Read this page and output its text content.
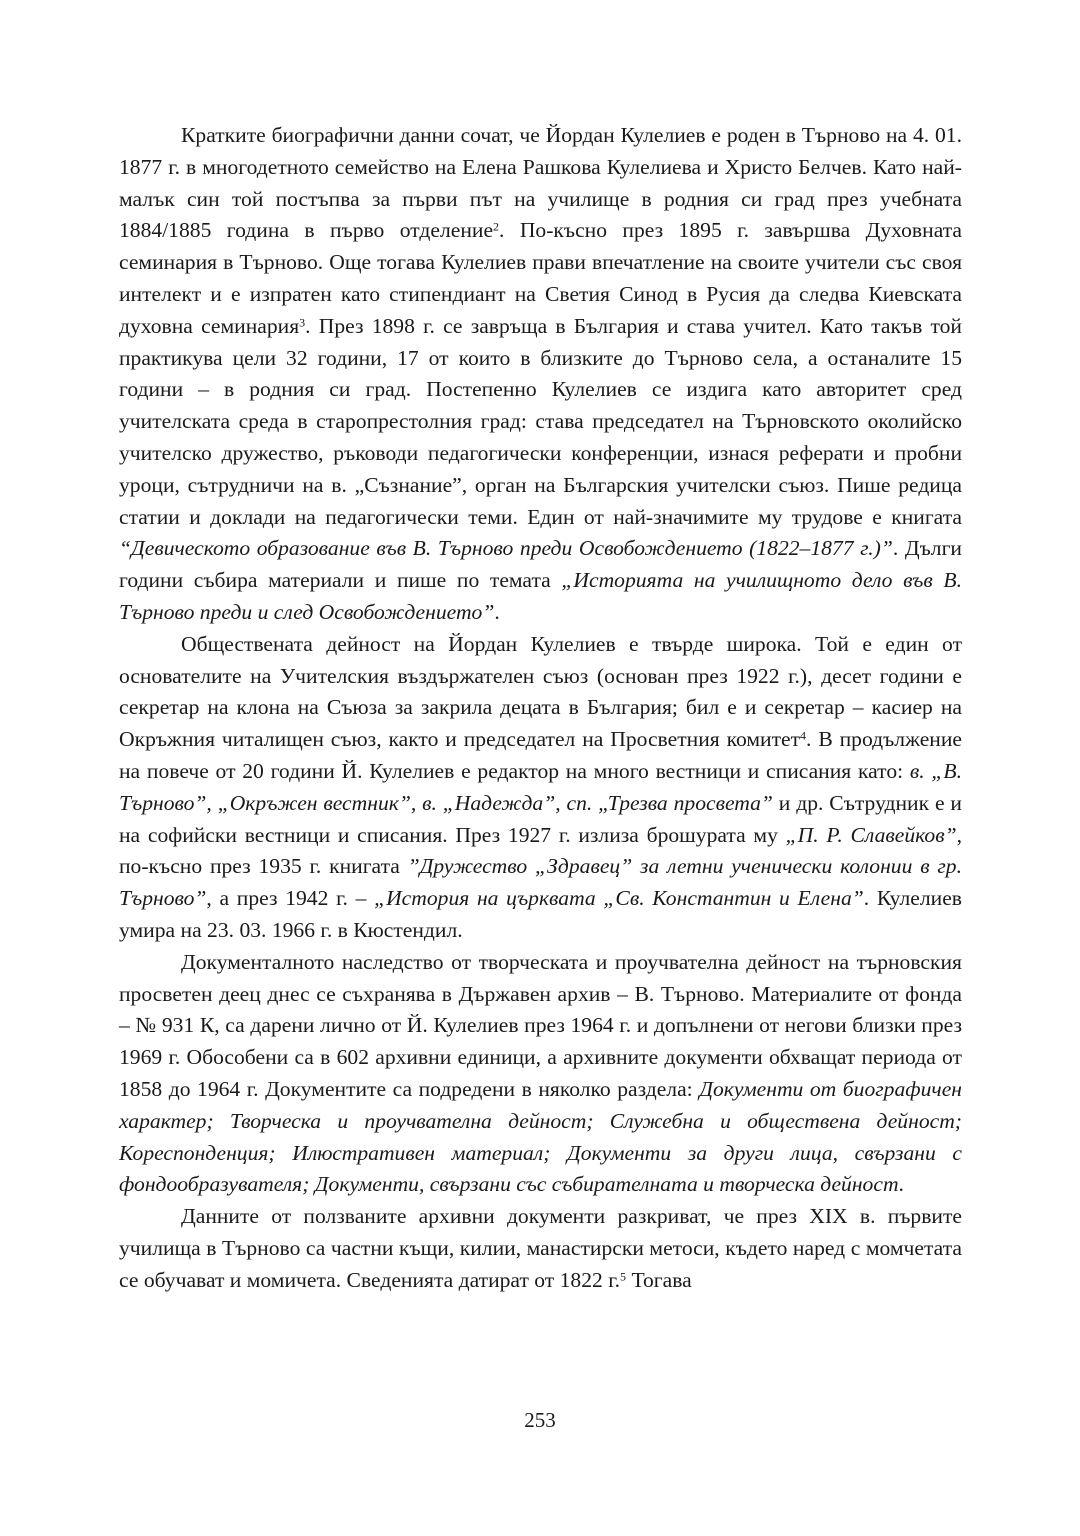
Кратките биографични данни сочат, че Йордан Кулелиев е роден в Търново на 4. 01. 1877 г. в многодетното семейство на Елена Рашкова Кулелиева и Христо Белчев. Като най-малък син той постъпва за първи път на училище в родния си град през учебната 1884/1885 година в първо отделение$^2$. По-късно през 1895 г. завършва Духовната семинария в Търново. Още тогава Кулелиев прави впечатление на своите учители със своя интелект и е изпратен като стипендиант на Светия Синод в Русия да следва Киевската духовна семинария$^3$. През 1898 г. се завръща в България и става учител. Като такъв той практикува цели 32 години, 17 от които в близките до Търново села, а останалите 15 години – в родния си град. Постепенно Кулелиев се издига като авторитет сред учителската среда в старопрестолния град: става председател на Търновското околийско учителско дружество, ръководи педагогически конференции, изнася реферати и пробни уроци, сътрудничи на в. „Съзнание”, орган на Българския учителски съюз. Пише редица статии и доклади на педагогически теми. Един от най-значимите му трудове е книгата “Девическото образование във В. Търново преди Освобождението (1822–1877 г.)”. Дълги години събира материали и пише по темата „Историята на училищното дело във В. Търново преди и след Освобождението”.

Обществената дейност на Йордан Кулелиев е твърде широка. Той е един от основателите на Учителския въздържателен съюз (основан през 1922 г.), десет години е секретар на клона на Съюза за закрила децата в България; бил е и секретар – касиер на Окръжния читалищен съюз, както и председател на Просветния комитет$^4$. В продължение на повече от 20 години Й. Кулелиев е редактор на много вестници и списания като: в. „В. Търново”, „Окръжен вестник”, в. „Надежда”, сп. „Трезва просвета” и др. Сътрудник е и на софийски вестници и списания. През 1927 г. излиза брошурата му „П. Р. Славейков”, по-късно през 1935 г. книгата ”Дружество „Здравец” за летни ученически колонии в гр. Търново”, а през 1942 г. – „История на църквата „Св. Константин и Елена”. Кулелиев умира на 23. 03. 1966 г. в Кюстендил.

Документалното наследство от творческата и проучвателна дейност на търновския просветен деец днес се съхранява в Държавен архив – В. Търново. Материалите от фонда – № 931 К, са дарени лично от Й. Кулелиев през 1964 г. и допълнени от негови близки през 1969 г. Обособени са в 602 архивни единици, а архивните документи обхващат периода от 1858 до 1964 г. Документите са подредени в няколко раздела: Документи от биографичен характер; Творческа и проучвателна дейност; Служебна и обществена дейност; Кореспонденция; Илюстративен материал; Документи за други лица, свързани с фондообразувателя; Документи, свързани със събирателната и творческа дейност.

Данните от ползваните архивни документи разкриват, че през XIX в. първите училища в Търново са частни къщи, килии, манастирски метоси, където наред с момчетата се обучават и момичета. Сведенията датират от 1822 г.$^5$ Тогава

253
